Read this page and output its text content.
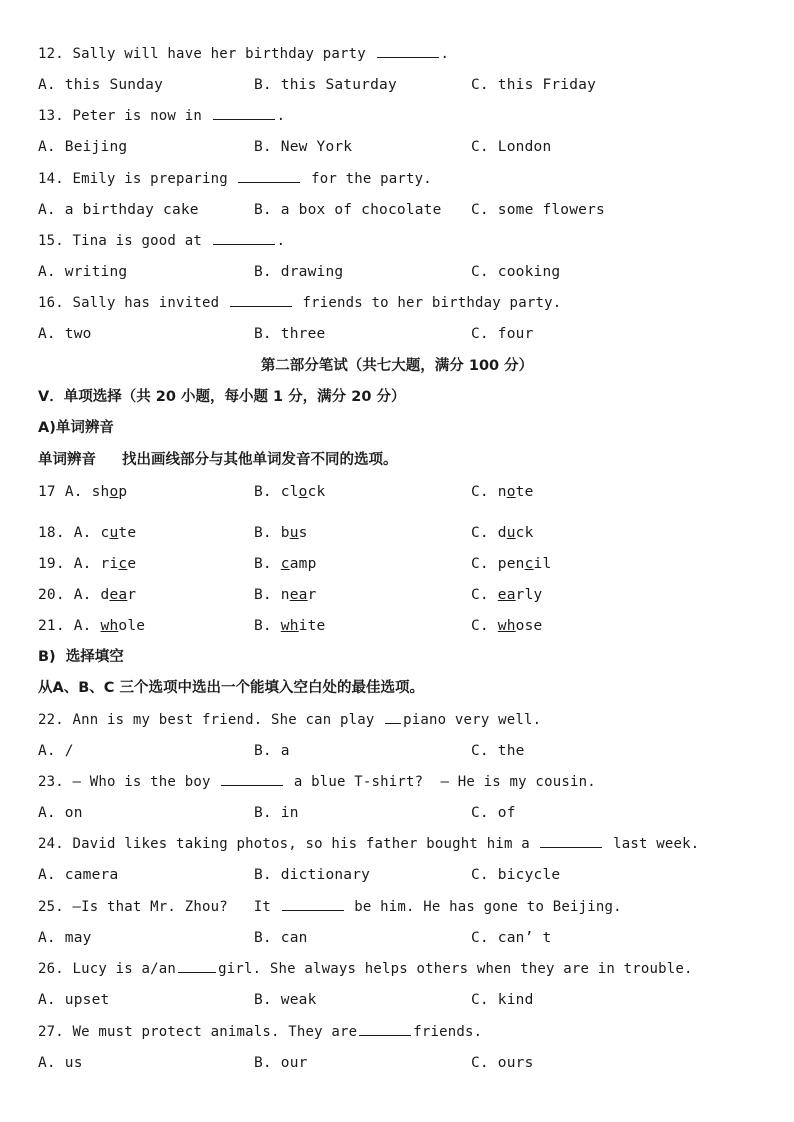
12. Sally will have her birthday party	.
A. this Sunday	B. this Saturday	C. this Friday
13. Peter is now in	.
A. Beijing	B. New York	C. London
14. Emily is preparing	for the party.
A. a birthday cake	B. a box of chocolate C. some flowers
15. Tina is good at	.
A. writing	B. drawing	C. cooking
16. Sally has invited	friends to her birthday party.
A. two	B. three	C. four
第二部分笔试（共七大题，满分 100 分）
V．单项选择（共 20 小题，每小题 1 分，满分 20 分）
A)单词辨音
单词辨音 找出画线部分与其他单词发音不同的选项。
17 A. shop	B. clock	C. note
18. A. cute	B. bus	C. duck
19. A. rice	B. camp	C. pencil
20. A. dear	B. near	C. early
21. A. whole	B. white	C. whose
B)  选择填空
从A、B、C 三个选项中选出一个能填入空白处的最佳选项。
22. Ann is my best friend. She can play piano very well.
A. /	B. a	C. the
23. — Who is the boy	a blue T-shirt?  — He is my cousin.
A. on	B. in	C. of
24. David likes taking photos, so his father bought him a	last week.
A. camera	B. dictionary	C. bicycle
25. —Is that Mr. Zhou?   It	be him. He has gone to Beijing.
A. may	B. can	C. can’ t
26. Lucy is a/an	girl. She always helps others when they are in trouble.
A. upset	B. weak	C. kind
27. We must protect animals. They are	friends.
A. us	B. our	C. ours
